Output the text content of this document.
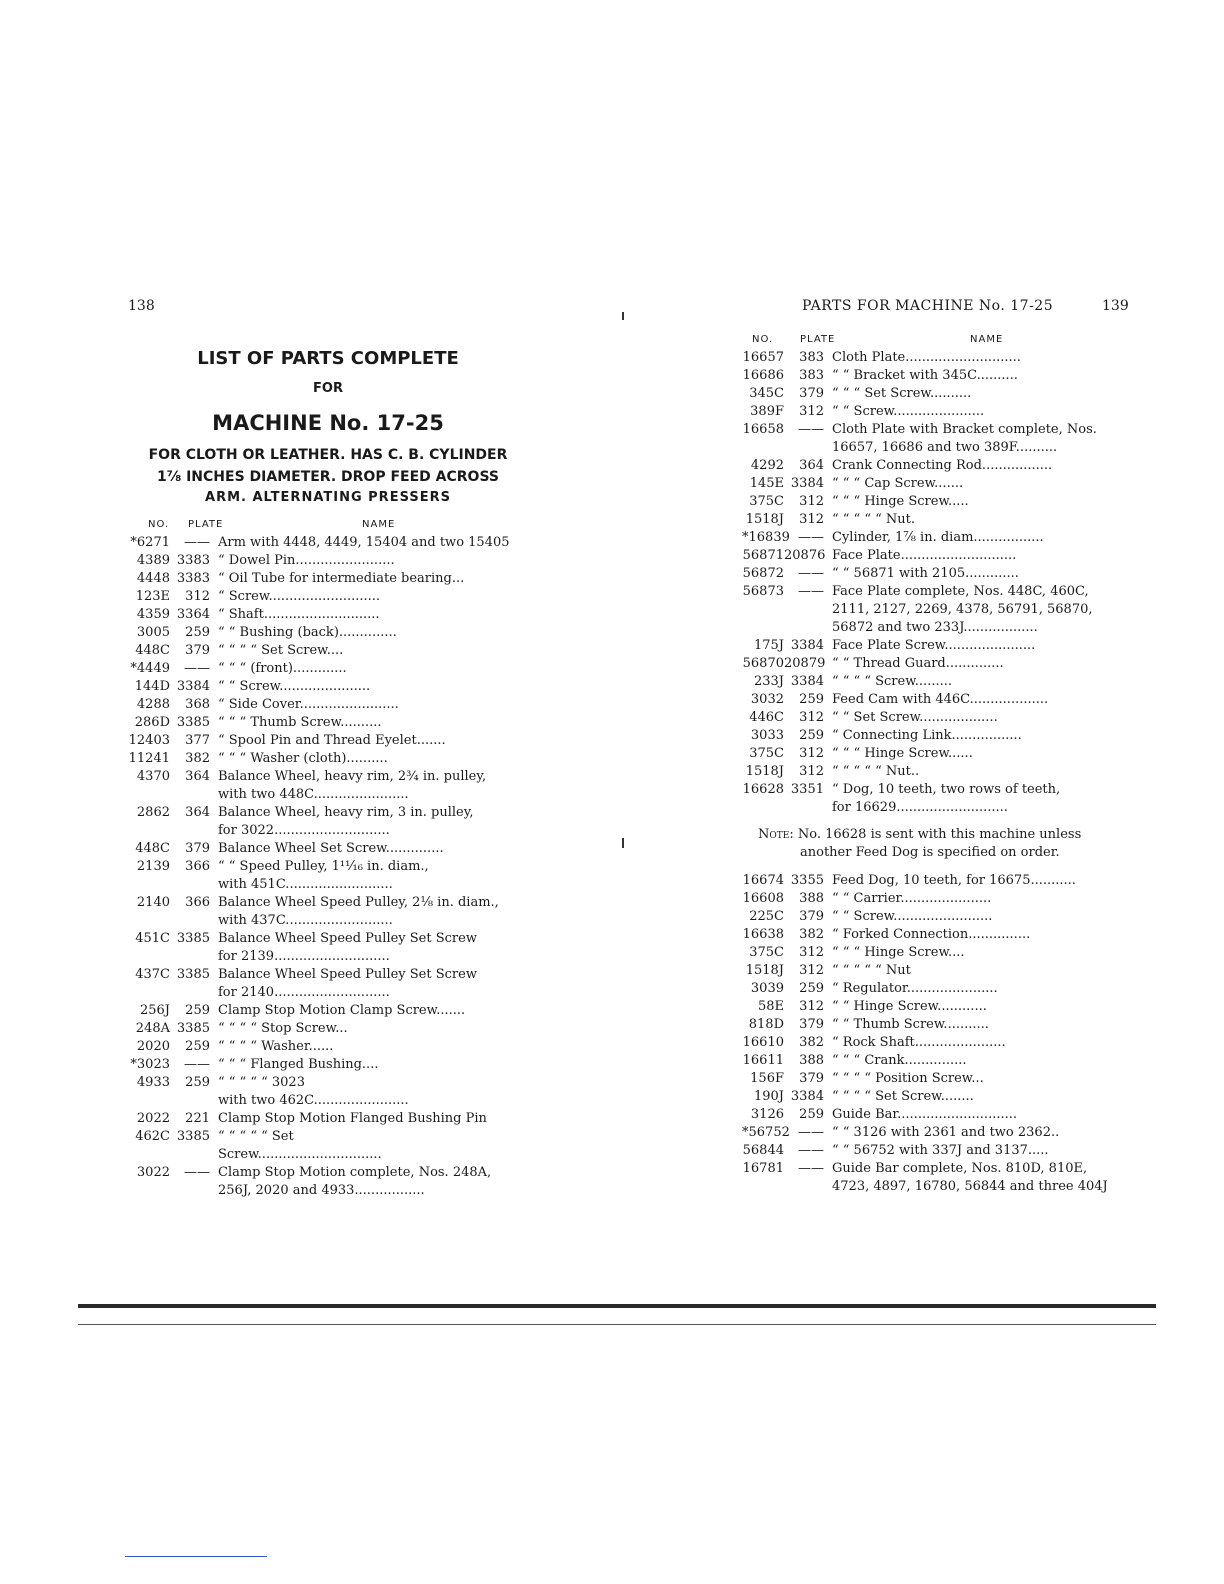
138
LIST OF PARTS COMPLETE
FOR
MACHINE No. 17-25
FOR CLOTH OR LEATHER. HAS C. B. CYLINDER
1⅞ INCHES DIAMETER. DROP FEED ACROSS
ARM. ALTERNATING PRESSERS
NO. PLATE	NAME
*6271	—— Arm with 4448, 4449, 15404 and two 15405
4389 3383 “ Dowel Pin........................
4448 3383 “ Oil Tube for intermediate bearing...
123E	312 “ Screw...........................
4359 3364 “ Shaft............................
3005	259 “ “ Bushing (back)..............
448C	379 “ “ “ “ Set Screw....
*4449	—— “ “ “ (front).............
144D 3384 “ “ Screw......................
4288	368 “ Side Cover........................
286D 3385 “ “ “ Thumb Screw..........
12403	377 “ Spool Pin and Thread Eyelet.......
11241	382 “ “ “ Washer (cloth)..........
4370	364 Balance Wheel, heavy rim, 2¾ in. pulley,
with two 448C.......................
2862	364 Balance Wheel, heavy rim, 3 in. pulley,
for 3022............................
448C	379 Balance Wheel Set Screw..............
2139	366 “ “ Speed Pulley, 1¹¹⁄₁₆ in. diam.,
with 451C..........................
2140	366 Balance Wheel Speed Pulley, 2⅛ in. diam.,
with 437C..........................
451C 3385 Balance Wheel Speed Pulley Set Screw
for 2139............................
437C 3385 Balance Wheel Speed Pulley Set Screw
for 2140............................
256J	259 Clamp Stop Motion Clamp Screw.......
248A 3385 “ “ “ “ Stop Screw...
2020	259 “ “ “ “ Washer......
*3023	—— “ “ “ Flanged Bushing....
4933	259 “ “ “ “ “ 3023
with two 462C.......................
2022	221 Clamp Stop Motion Flanged Bushing Pin
462C 3385 “ “ “ “ “ Set
Screw..............................
3022	—— Clamp Stop Motion complete, Nos. 248A,
256J, 2020 and 4933.................
PARTS FOR MACHINE No. 17-25	139
NO.	PLATE	NAME
16657	383 Cloth Plate............................
16686	383 “ “ Bracket with 345C..........
345C	379 “ “ “ Set Screw..........
389F	312 “ “ Screw......................
16658	—— Cloth Plate with Bracket complete, Nos.
16657, 16686 and two 389F..........
4292	364 Crank Connecting Rod.................
145E 3384 “ “ “ Cap Screw.......
375C	312 “ “ “ Hinge Screw.....
1518J	312 “ “ “ “ “ Nut.
*16839 —— Cylinder, 1⅞ in. diam.................
56871 20876 Face Plate............................
56872	—— “ “ 56871 with 2105.............
56873	—— Face Plate complete, Nos. 448C, 460C,
2111, 2127, 2269, 4378, 56791, 56870,
56872 and two 233J..................
175J 3384 Face Plate Screw......................
56870 20879 “ “ Thread Guard..............
233J 3384 “ “ “ “ Screw.........
3032	259 Feed Cam with 446C...................
446C	312 “ “ Set Screw...................
3033	259 “ Connecting Link.................
375C	312 “ “ “ Hinge Screw......
1518J	312 “ “ “ “ “ Nut..
16628 3351 “ Dog, 10 teeth, two rows of teeth,
for 16629...........................
Note: No. 16628 is sent with this machine unless
another Feed Dog is specified on order.
16674 3355 Feed Dog, 10 teeth, for 16675...........
16608	388 “ “ Carrier......................
225C	379 “ “ Screw........................
16638	382 “ Forked Connection...............
375C	312 “ “ “ Hinge Screw....
1518J	312 “ “ “ “ “ Nut
3039	259 “ Regulator......................
58E	312 “ “ Hinge Screw............
818D	379 “ “ Thumb Screw...........
16610	382 “ Rock Shaft......................
16611	388 “ “ “ Crank...............
156F	379 “ “ “ “ Position Screw...
190J 3384 “ “ “ “ Set Screw........
3126	259 Guide Bar.............................
*56752 —— “ “ 3126 with 2361 and two 2362..
56844	—— “ “ 56752 with 337J and 3137.....
16781	—— Guide Bar complete, Nos. 810D, 810E,
4723, 4897, 16780, 56844 and three 404J
